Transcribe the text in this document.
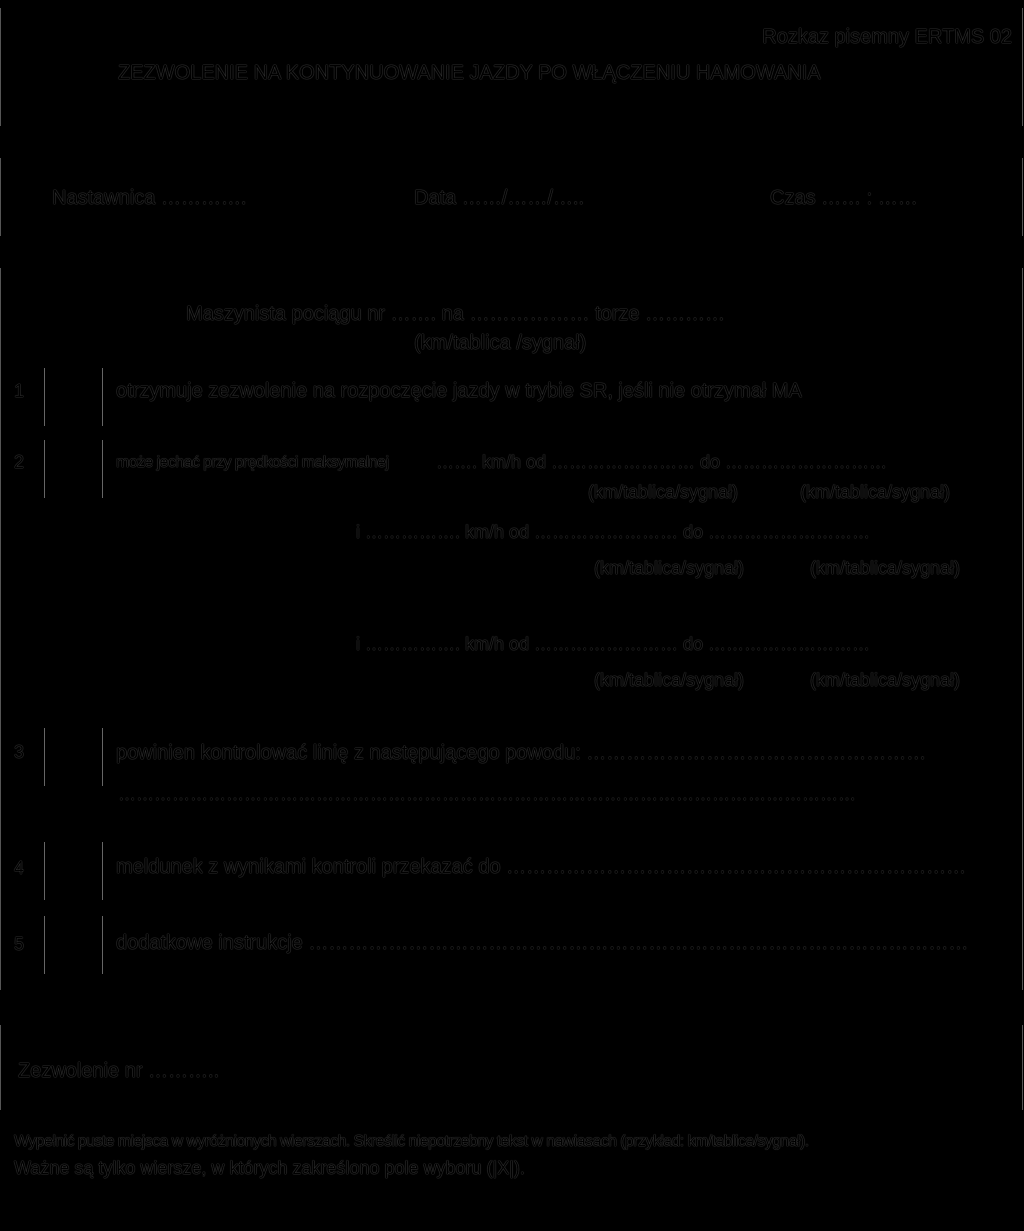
Rozkaz pisemny ERTMS 02
ZEZWOLENIE NA KONTYNUOWANIE JAZDY PO WŁĄCZENIU HAMOWANIA
Nastawnica ………….	Data ……/……/…..	Czas …… : ……
Maszynista pociągu nr ……. na ……………… torze …………
(km/tablica /sygnał)
1	otrzymuje zezwolenie na rozpoczęcie jazdy w trybie SR, jeśli nie otrzymał MA
2	może jechać przy prędkości maksymalnej	……. km/h od …………………… do ………………………
(km/tablica/sygnał)	(km/tablica/sygnał)
i ……………. km/h od …………………… do ………………………
(km/tablica/sygnał)	(km/tablica/sygnał)
i ……………. km/h od …………………… do ………………………
(km/tablica/sygnał)	(km/tablica/sygnał)
3	powinien kontrolować linię z następującego powodu: ……………………………………………
……………………………………………………………………………………………………………
4	meldunek z wynikami kontroli przekazać do ……………………………………………………………
5	dodatkowe instrukcje ………………………………………………………………………………………
Zezwolenie nr ………..
Wypełnić puste miejsca w wyróżnionych wierszach. Skreślić niepotrzebny tekst w nawiasach (przykład: km/tablica/sygnał).
Ważne są tylko wiersze, w których zakreślono pole wyboru (|X|).
